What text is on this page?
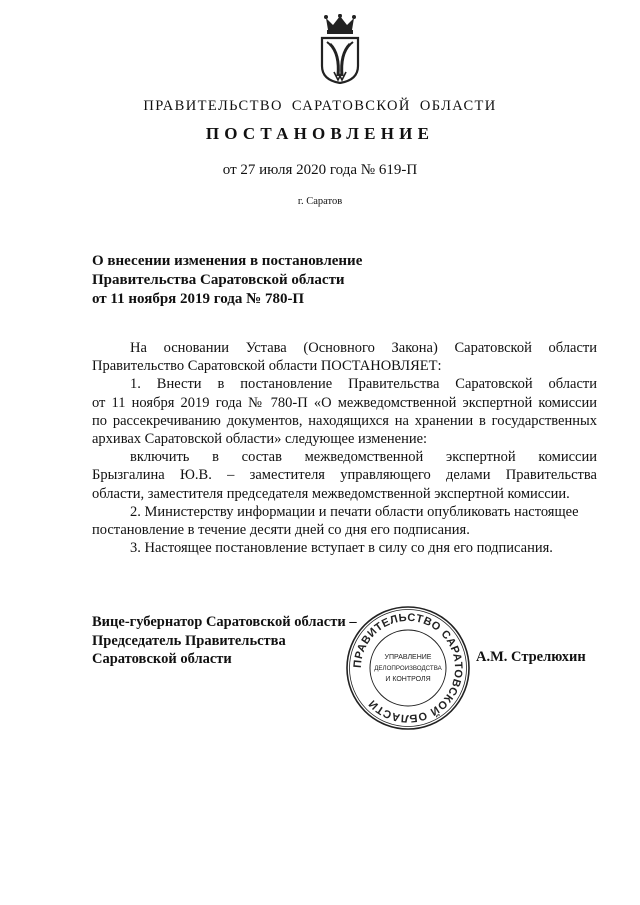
ПРАВИТЕЛЬСТВО САРАТОВСКОЙ ОБЛАСТИ
ПОСТАНОВЛЕНИЕ
от 27 июля 2020 года № 619-П
г. Саратов
О внесении изменения в постановление
Правительства Саратовской области
от 11 ноября 2019 года № 780-П
На основании Устава (Основного Закона) Саратовской области
Правительство Саратовской области ПОСТАНОВЛЯЕТ:
1. Внести в постановление Правительства Саратовской области
от 11 ноября 2019 года № 780-П «О межведомственной экспертной комиссии
по рассекречиванию документов, находящихся на хранении в государственных
архивах Саратовской области» следующее изменение:
включить в состав межведомственной экспертной комиссии
Брызгалина Ю.В. – заместителя управляющего делами Правительства
области, заместителя председателя межведомственной экспертной комиссии.
2. Министерству информации и печати области опубликовать настоящее
постановление в течение десяти дней со дня его подписания.
3. Настоящее постановление вступает в силу со дня его подписания.
Вице-губернатор Саратовской области –
Председатель Правительства
Саратовской области	ПРАВИТЕЛЬСТВО САРАТОВСКОЙ ОБЛАСТИ
УПРАВЛЕНИЕ
ДЕЛОПРОИЗВОДСТВА
И КОНТРОЛЯ
А.М. Стрелюхин
